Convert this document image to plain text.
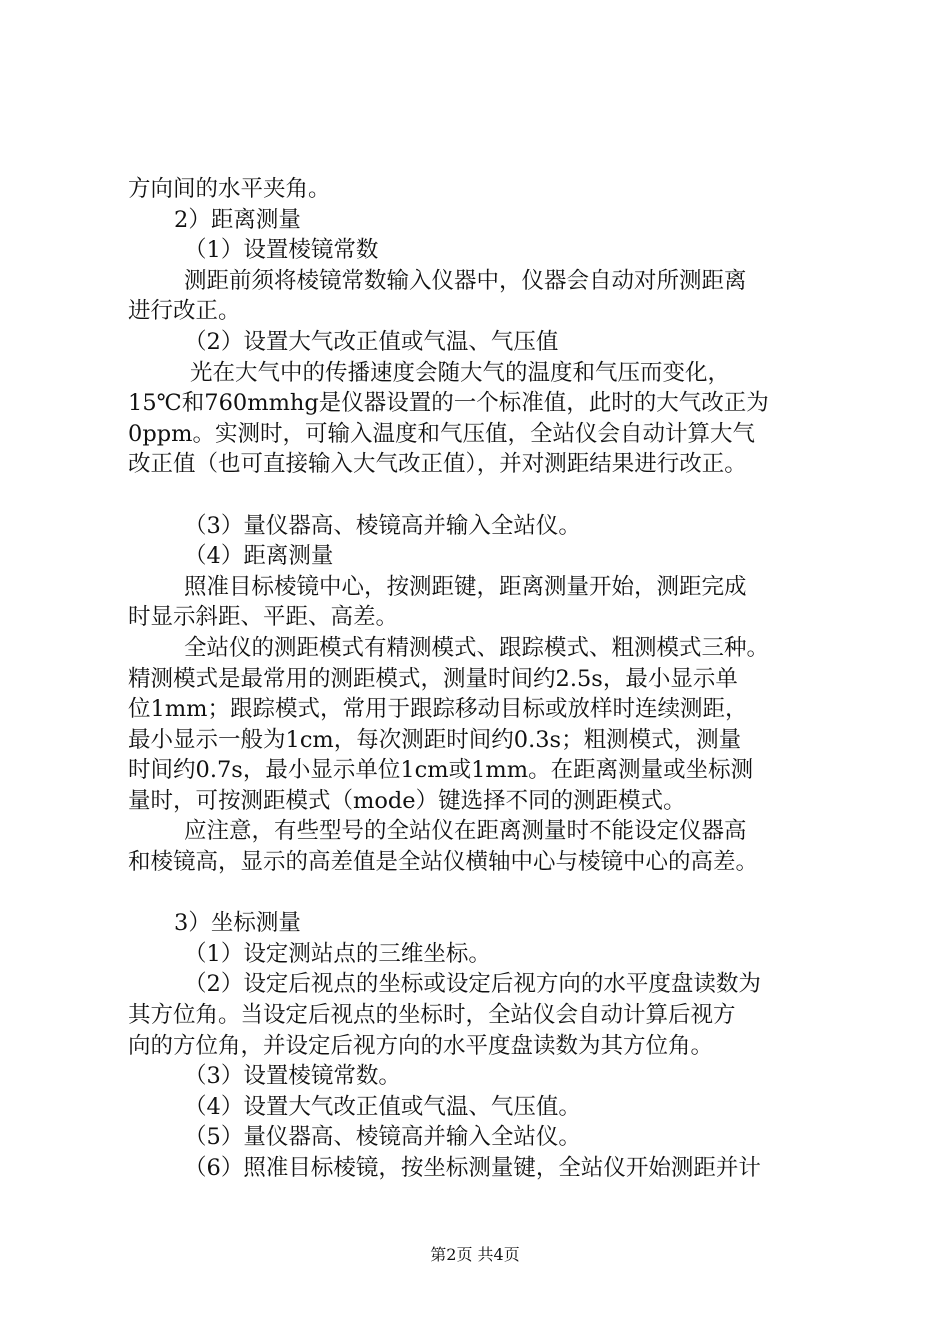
方向间的水平夹角。
2）距离测量
（1）设置棱镜常数
测距前须将棱镜常数输入仪器中，仪器会自动对所测距离
进行改正。
（2）设置大气改正值或气温、气压值
光在大气中的传播速度会随大气的温度和气压而变化，
15℃和760mmhg是仪器设置的一个标准值，此时的大气改正为
0ppm。实测时，可输入温度和气压值，全站仪会自动计算大气
改正值（也可直接输入大气改正值），并对测距结果进行改正。
（3）量仪器高、棱镜高并输入全站仪。
（4）距离测量
照准目标棱镜中心，按测距键，距离测量开始，测距完成
时显示斜距、平距、高差。
全站仪的测距模式有精测模式、跟踪模式、粗测模式三种。
精测模式是最常用的测距模式，测量时间约2.5s，最小显示单
位1mm；跟踪模式，常用于跟踪移动目标或放样时连续测距，
最小显示一般为1cm，每次测距时间约0.3s；粗测模式，测量
时间约0.7s，最小显示单位1cm或1mm。在距离测量或坐标测
量时，可按测距模式（mode）键选择不同的测距模式。
应注意，有些型号的全站仪在距离测量时不能设定仪器高
和棱镜高，显示的高差值是全站仪横轴中心与棱镜中心的高差。
3）坐标测量
（1）设定测站点的三维坐标。
（2）设定后视点的坐标或设定后视方向的水平度盘读数为
其方位角。当设定后视点的坐标时，全站仪会自动计算后视方
向的方位角，并设定后视方向的水平度盘读数为其方位角。
（3）设置棱镜常数。
（4）设置大气改正值或气温、气压值。
（5）量仪器高、棱镜高并输入全站仪。
（6）照准目标棱镜，按坐标测量键，全站仪开始测距并计
第2页 共4页
